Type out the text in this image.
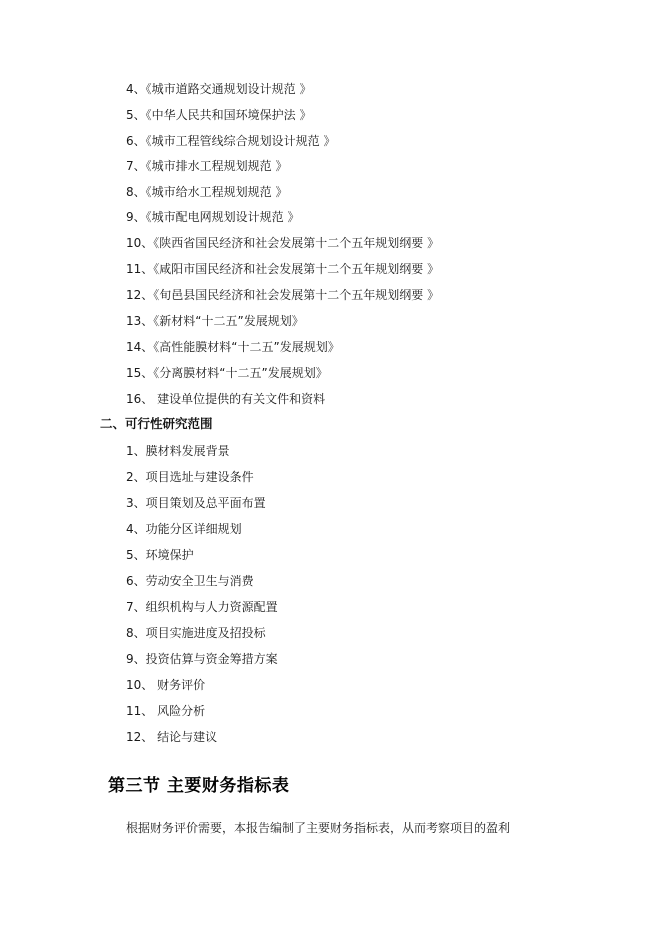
4、《城市道路交通规划设计规范 》
5、《中华人民共和国环境保护法 》
6、《城市工程管线综合规划设计规范 》
7、《城市排水工程规划规范 》
8、《城市给水工程规划规范 》
9、《城市配电网规划设计规范 》
10、《陕西省国民经济和社会发展第十二个五年规划纲要 》
11、《咸阳市国民经济和社会发展第十二个五年规划纲要 》
12、《旬邑县国民经济和社会发展第十二个五年规划纲要 》
13、《新材料“十二五”发展规划》
14、《高性能膜材料“十二五”发展规划》
15、《分离膜材料“十二五”发展规划》
16、 建设单位提供的有关文件和资料
二、可行性研究范围
1、膜材料发展背景
2、项目选址与建设条件
3、项目策划及总平面布置
4、功能分区详细规划
5、环境保护
6、劳动安全卫生与消费
7、组织机构与人力资源配置
8、项目实施进度及招投标
9、投资估算与资金筹措方案
10、 财务评价
11、 风险分析
12、 结论与建议
第三节 主要财务指标表
根据财务评价需要，本报告编制了主要财务指标表，从而考察项目的盈利
